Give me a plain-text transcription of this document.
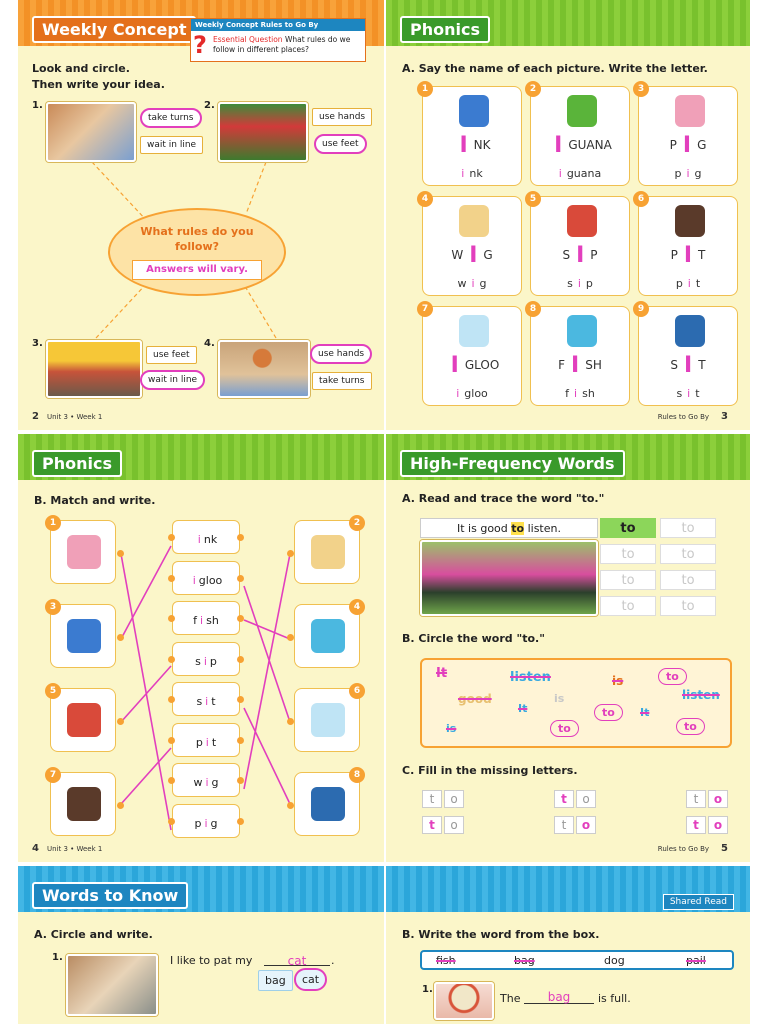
Weekly Concept	Weekly Concept Rules to Go By
? Essential Question What rules do we follow in different places?
Look and circle.
Then write your idea.
1.
take turns
wait in line
2.
use hands
use feet
What rules do you follow?
Answers will vary.
3.
use feet
wait in line
4.
use hands
take turns
2 Unit 3 • Week 1
Phonics
A. Say the name of each picture. Write the letter.
1
INK
i nk
2
IGUANA
i guana
3
P I G
p i g
4
W I G
w i g
5
S I P
s i p
6
P I T
p i t
7
IGLOO
i gloo
8
F I SH
f i sh
9
S I T
s i t
Rules to Go By 3
Phonics
B. Match and write.
1
3
5
7
i nk
i gloo
f i sh
s i p
s i t
p i t
w i g
p i g
2
4
6
8
4 Unit 3 • Week 1
High-Frequency Words
A. Read and trace the word "to."
It is good to listen.	to	to
to	to
to	to
to	to
B. Circle the word "to."
It	listen	is	to
good	is
It
listen
to	It
is	to	to
C. Fill in the missing letters.
t o
t o
t o
t o
t o
t o
Rules to Go By 5
Words to Know
A. Circle and write.
1.	I like to pat my	cat	.
bag	cat
Shared Read
B. Write the word from the box.
fish	bag	dog	pail
1.
The	bag	is full.
